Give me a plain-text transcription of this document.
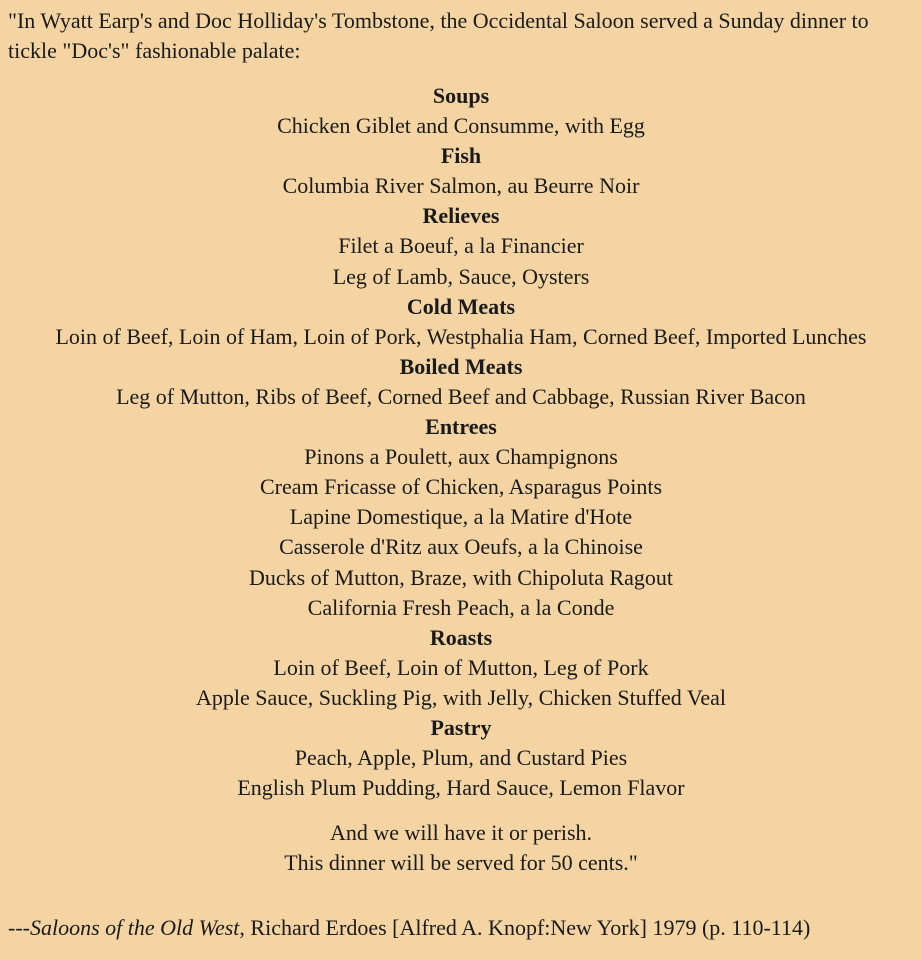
"In Wyatt Earp's and Doc Holliday's Tombstone, the Occidental Saloon served a Sunday dinner to tickle "Doc's" fashionable palate:
Soups
Chicken Giblet and Consumme, with Egg
Fish
Columbia River Salmon, au Beurre Noir
Relieves
Filet a Boeuf, a la Financier
Leg of Lamb, Sauce, Oysters
Cold Meats
Loin of Beef, Loin of Ham, Loin of Pork, Westphalia Ham, Corned Beef, Imported Lunches
Boiled Meats
Leg of Mutton, Ribs of Beef, Corned Beef and Cabbage, Russian River Bacon
Entrees
Pinons a Poulett, aux Champignons
Cream Fricasse of Chicken, Asparagus Points
Lapine Domestique, a la Matire d'Hote
Casserole d'Ritz aux Oeufs, a la Chinoise
Ducks of Mutton, Braze, with Chipoluta Ragout
California Fresh Peach, a la Conde
Roasts
Loin of Beef, Loin of Mutton, Leg of Pork
Apple Sauce, Suckling Pig, with Jelly, Chicken Stuffed Veal
Pastry
Peach, Apple, Plum, and Custard Pies
English Plum Pudding, Hard Sauce, Lemon Flavor
And we will have it or perish.
This dinner will be served for 50 cents."
---Saloons of the Old West, Richard Erdoes [Alfred A. Knopf:New York] 1979 (p. 110-114)
